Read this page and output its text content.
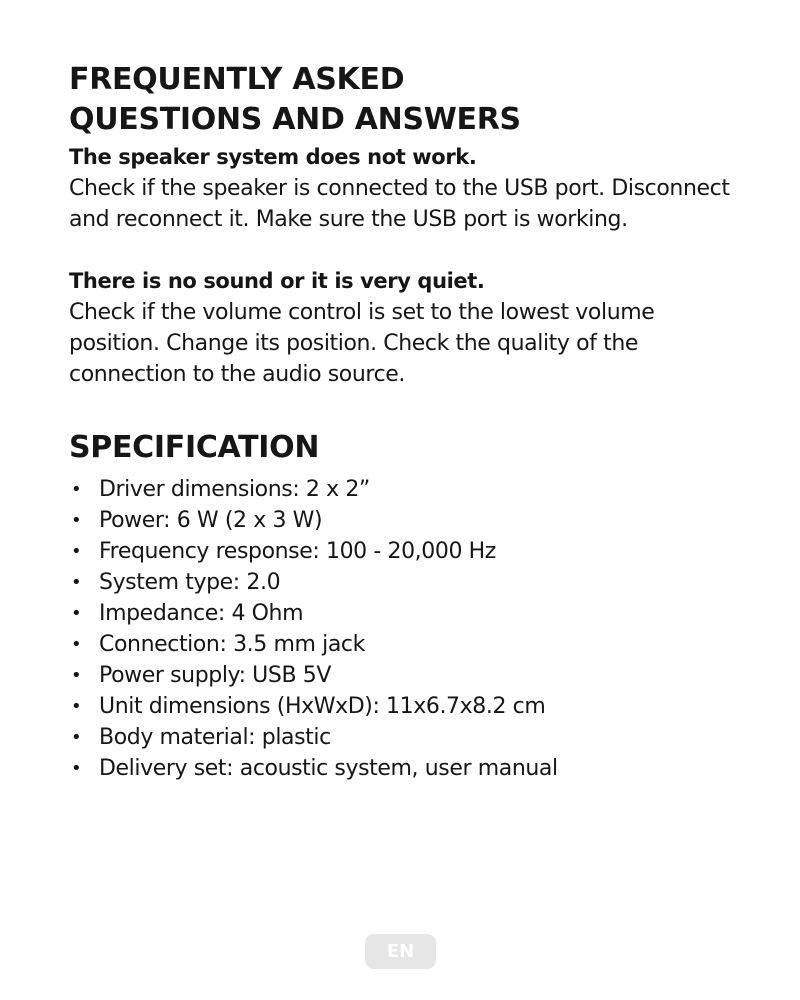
FREQUENTLY ASKED
QUESTIONS AND ANSWERS

The speaker system does not work.

Check if the speaker is connected to the USB port. Disconnect and reconnect it. Make sure the USB port is working.

There is no sound or it is very quiet.

Check if the volume control is set to the lowest volume position. Change its position. Check the quality of the connection to the audio source.

SPECIFICATION
• Driver dimensions: 2 x 2”
• Power: 6 W (2 x 3 W)
• Frequency response: 100 - 20,000 Hz
• System type: 2.0
• Impedance: 4 Ohm
• Connection: 3.5 mm jack
• Power supply: USB 5V
• Unit dimensions (HxWxD): 11x6.7x8.2 cm
• Body material: plastic
• Delivery set: acoustic system, user manual
EN
